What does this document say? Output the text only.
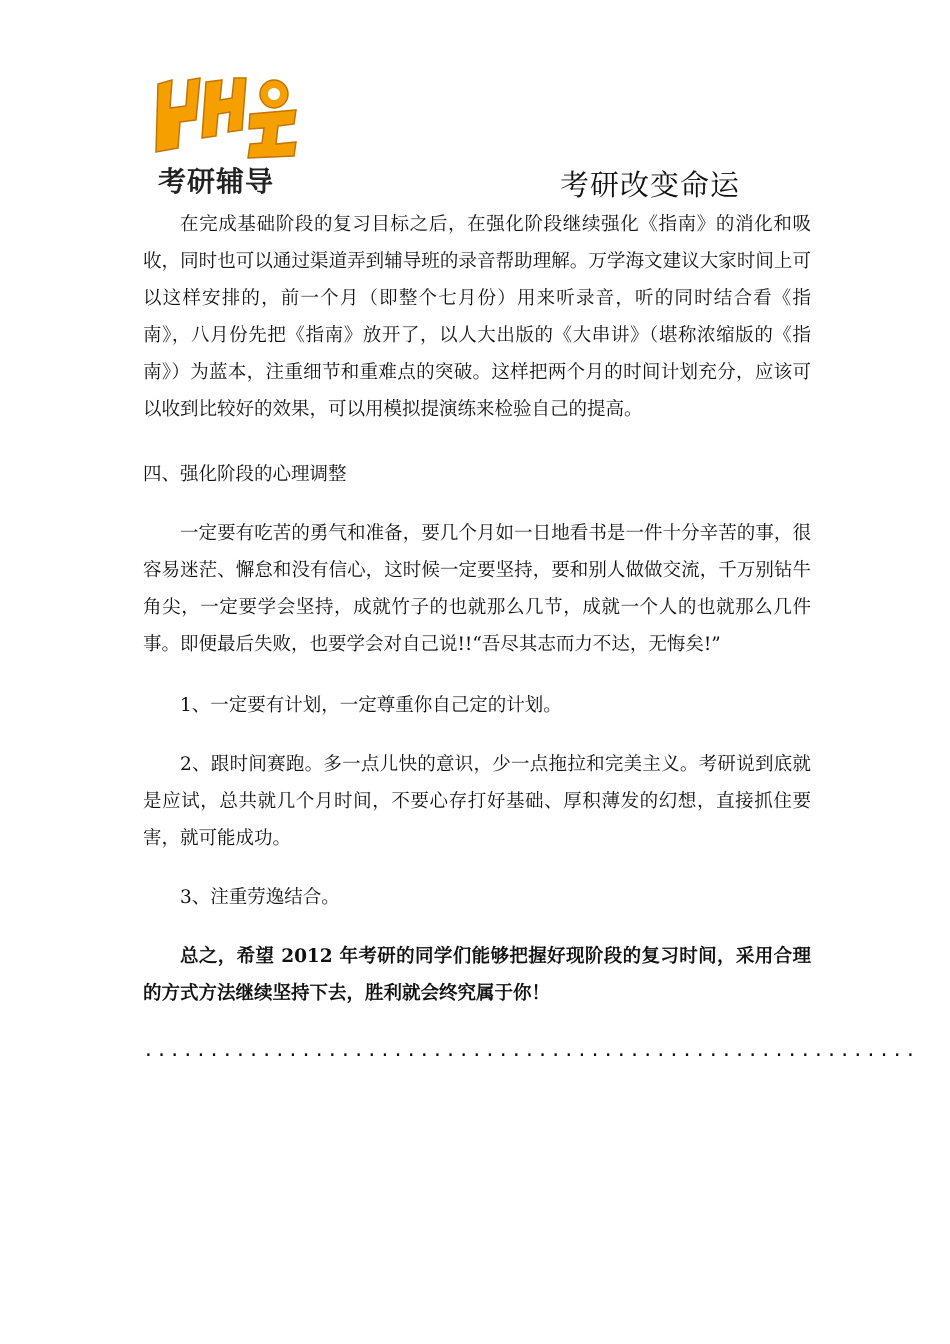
考研辅导	考研改变命运

在完成基础阶段的复习目标之后，在强化阶段继续强化《指南》的消化和吸收，同时也可以通过渠道弄到辅导班的录音帮助理解。万学海文建议大家时间上可以这样安排的，前一个月（即整个七月份）用来听录音，听的同时结合看《指南》，八月份先把《指南》放开了，以人大出版的《大串讲》（堪称浓缩版的《指南》）为蓝本，注重细节和重难点的突破。这样把两个月的时间计划充分，应该可以收到比较好的效果，可以用模拟提演练来检验自己的提高。

四、强化阶段的心理调整

一定要有吃苦的勇气和准备，要几个月如一日地看书是一件十分辛苦的事，很容易迷茫、懈怠和没有信心，这时候一定要坚持，要和别人做做交流，千万别钻牛角尖，一定要学会坚持，成就竹子的也就那么几节，成就一个人的也就那么几件事。即便最后失败，也要学会对自己说!!“吾尽其志而力不达，无悔矣!”

1、一定要有计划，一定尊重你自己定的计划。

2、跟时间赛跑。多一点儿快的意识，少一点拖拉和完美主义。考研说到底就是应试，总共就几个月时间，不要心存打好基础、厚积薄发的幻想，直接抓住要害，就可能成功。

3、注重劳逸结合。

总之，希望 2012 年考研的同学们能够把握好现阶段的复习时间，采用合理的方式方法继续坚持下去，胜利就会终究属于你！

...........................................................
